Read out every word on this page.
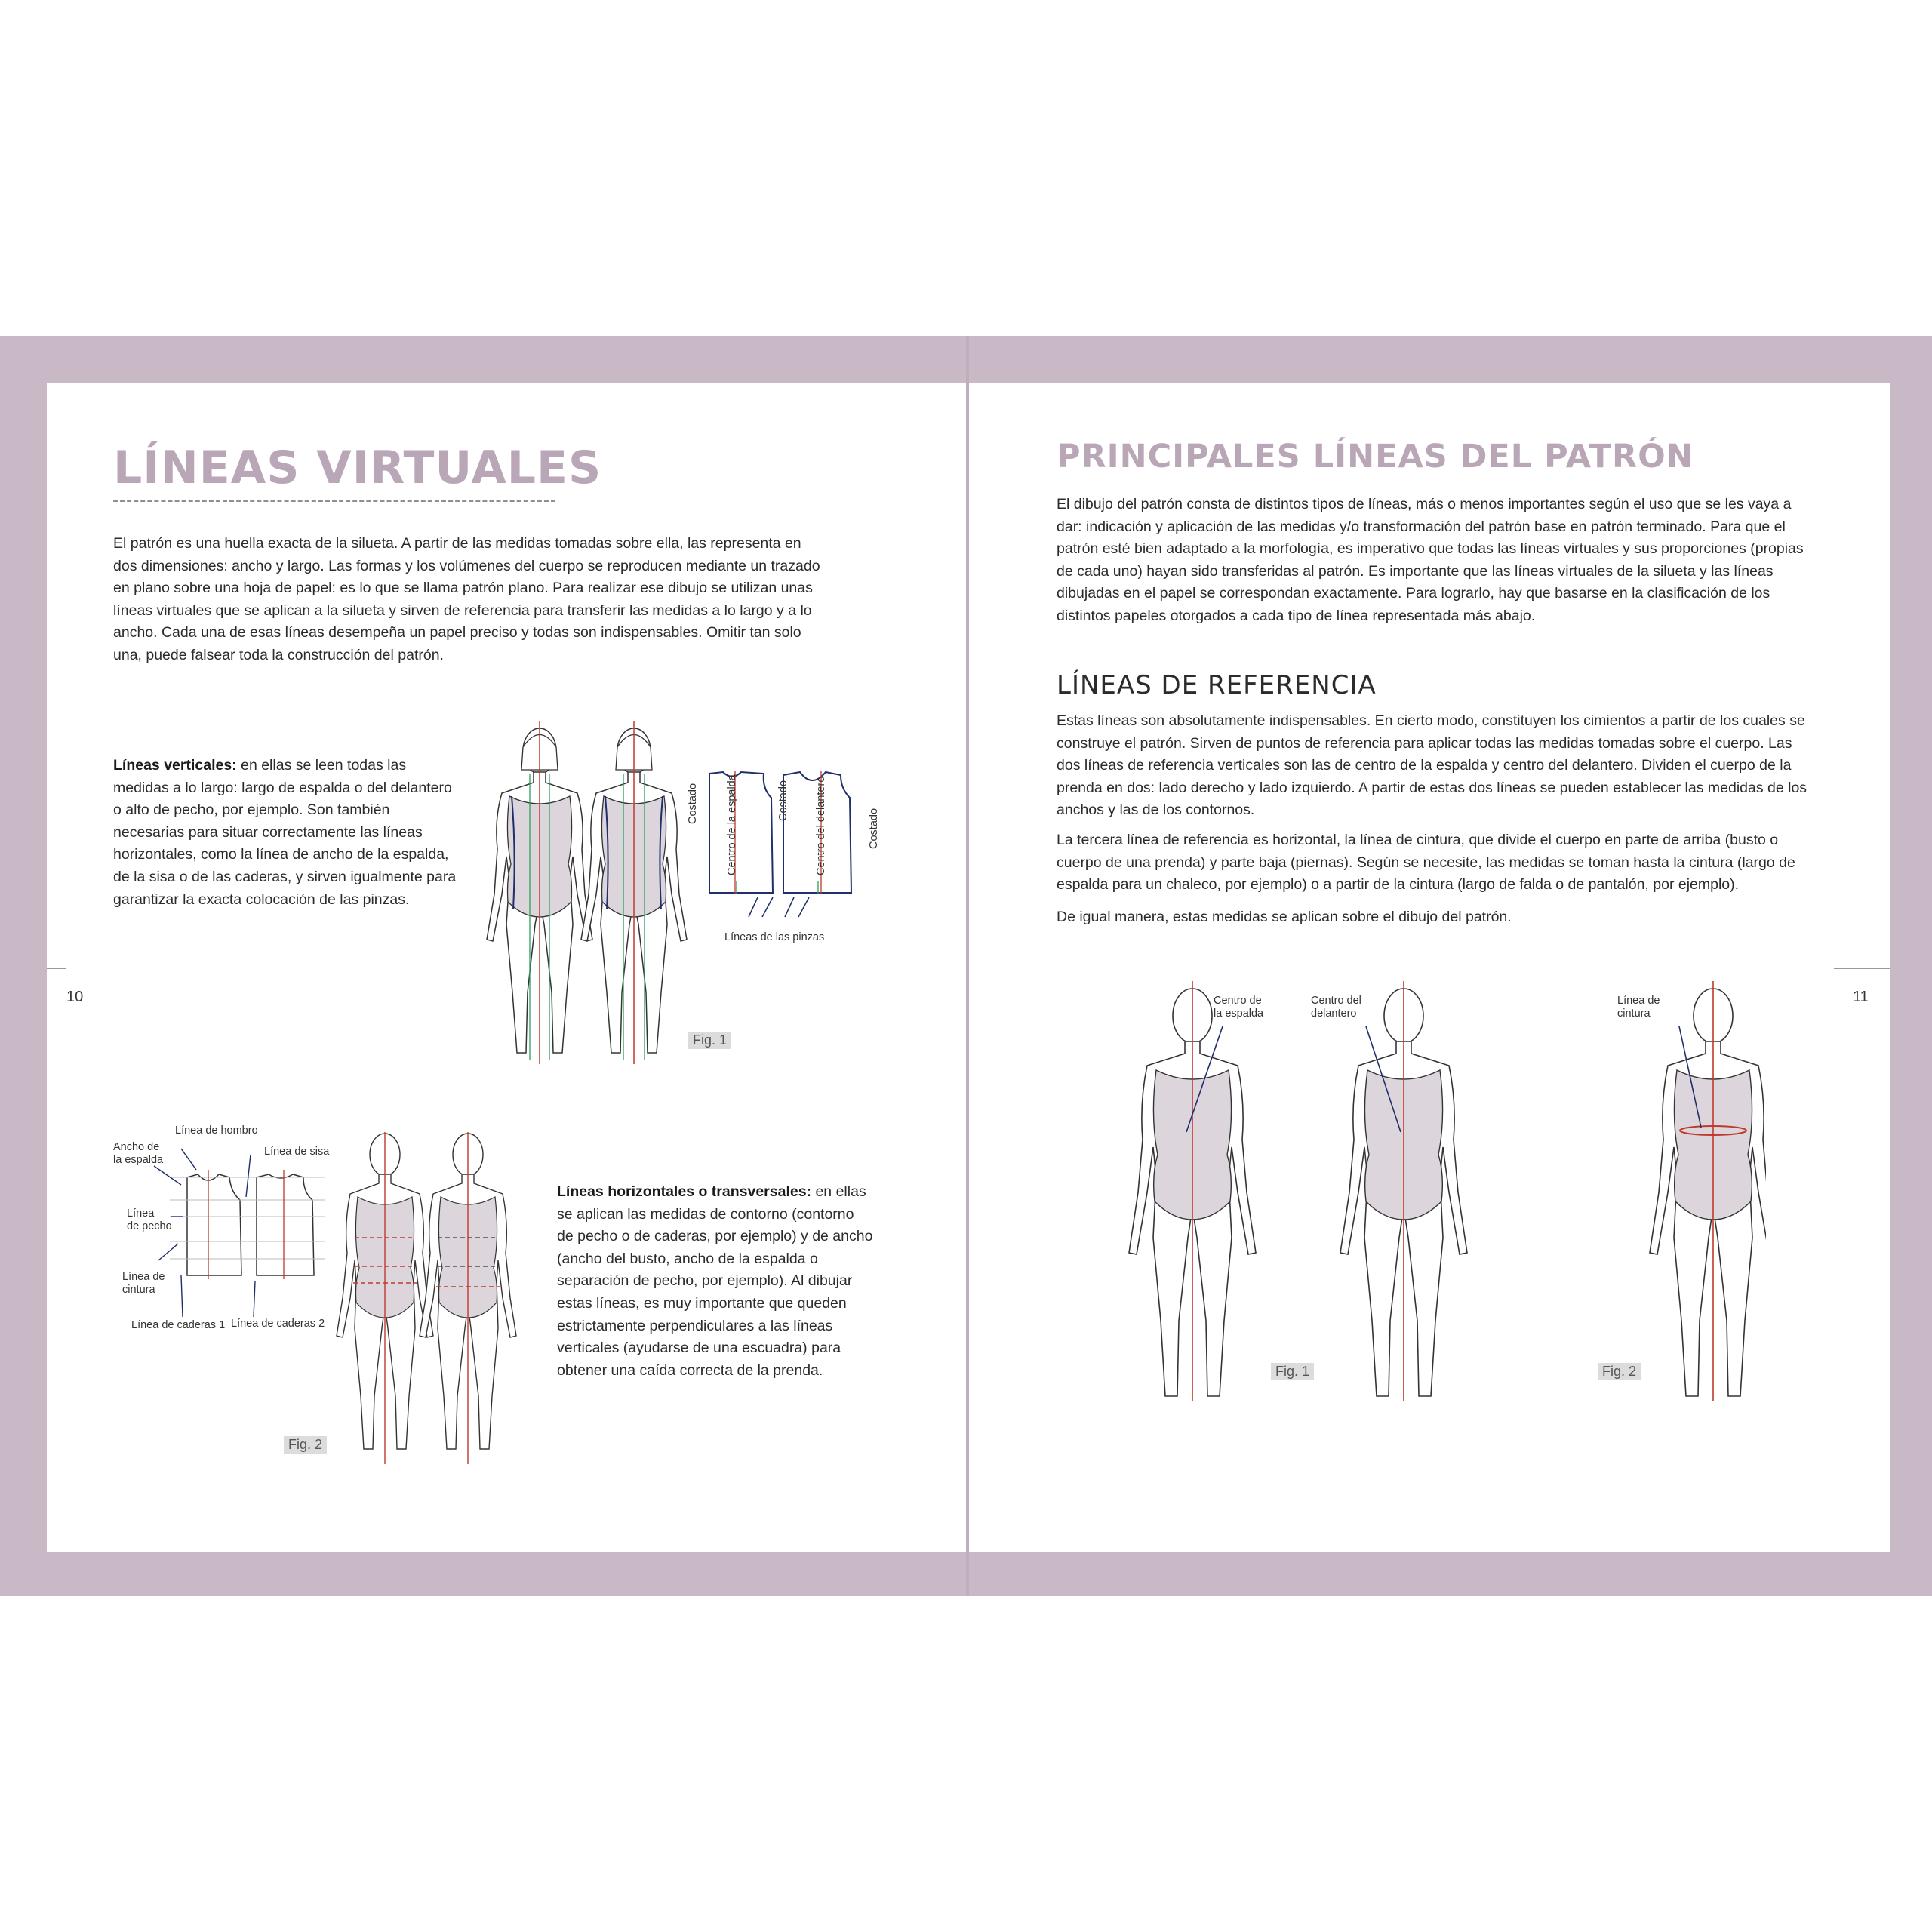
LÍNEAS VIRTUALES

El patrón es una huella exacta de la silueta. A partir de las medidas tomadas sobre ella, las representa en dos dimensiones: ancho y largo. Las formas y los volúmenes del cuerpo se reproducen mediante un trazado en plano sobre una hoja de papel: es lo que se llama patrón plano. Para realizar ese dibujo se utilizan unas líneas virtuales que se aplican a la silueta y sirven de referencia para transferir las medidas a lo largo y a lo ancho. Cada una de esas líneas desempeña un papel preciso y todas son indispensables. Omitir tan solo una, puede falsear toda la construcción del patrón.

Líneas verticales: en ellas se leen todas las medidas a lo largo: largo de espalda o del delantero o alto de pecho, por ejemplo. Son también necesarias para situar correctamente las líneas horizontales, como la línea de ancho de la espalda, de la sisa o de las caderas, y sirven igualmente para garantizar la exacta colocación de las pinzas.

Líneas horizontales o transversales: en ellas se aplican las medidas de contorno (contorno de pecho o de caderas, por ejemplo) y de ancho (ancho del busto, ancho de la espalda o separación de pecho, por ejemplo). Al dibujar estas líneas, es muy importante que queden estrictamente perpendiculares a las líneas verticales (ayudarse de una escuadra) para obtener una caída correcta de la prenda.

10
Costado Centro de la espalda	Costado Centro del delantero	Costado
Líneas de las pinzas
Fig. 1
Línea de hombro
Ancho de
la espalda
Línea de sisa
Línea
de pecho
Línea de
cintura
Línea de caderas 1 Línea de caderas 2
Fig. 2
PRINCIPALES LÍNEAS DEL PATRÓN

El dibujo del patrón consta de distintos tipos de líneas, más o menos importantes según el uso que se les vaya a dar: indicación y aplicación de las medidas y/o transformación del patrón base en patrón terminado. Para que el patrón esté bien adaptado a la morfología, es imperativo que todas las líneas virtuales y sus proporciones (propias de cada uno) hayan sido transferidas al patrón. Es importante que las líneas virtuales de la silueta y las líneas dibujadas en el papel se correspondan exactamente. Para lograrlo, hay que basarse en la clasificación de los distintos papeles otorgados a cada tipo de línea representada más abajo.

LÍNEAS DE REFERENCIA

Estas líneas son absolutamente indispensables. En cierto modo, constituyen los cimientos a partir de los cuales se construye el patrón. Sirven de puntos de referencia para aplicar todas las medidas tomadas sobre el cuerpo. Las dos líneas de referencia verticales son las de centro de la espalda y centro del delantero. Dividen el cuerpo de la prenda en dos: lado derecho y lado izquierdo. A partir de estas dos líneas se pueden establecer las medidas de los anchos y las de los contornos.

La tercera línea de referencia es horizontal, la línea de cintura, que divide el cuerpo en parte de arriba (busto o cuerpo de una prenda) y parte baja (piernas). Según se necesite, las medidas se toman hasta la cintura (largo de espalda para un chaleco, por ejemplo) o a partir de la cintura (largo de falda o de pantalón, por ejemplo).

De igual manera, estas medidas se aplican sobre el dibujo del patrón.

11
Centro de
la espalda
Centro del
delantero
Línea de
cintura
Fig. 1	Fig. 2
